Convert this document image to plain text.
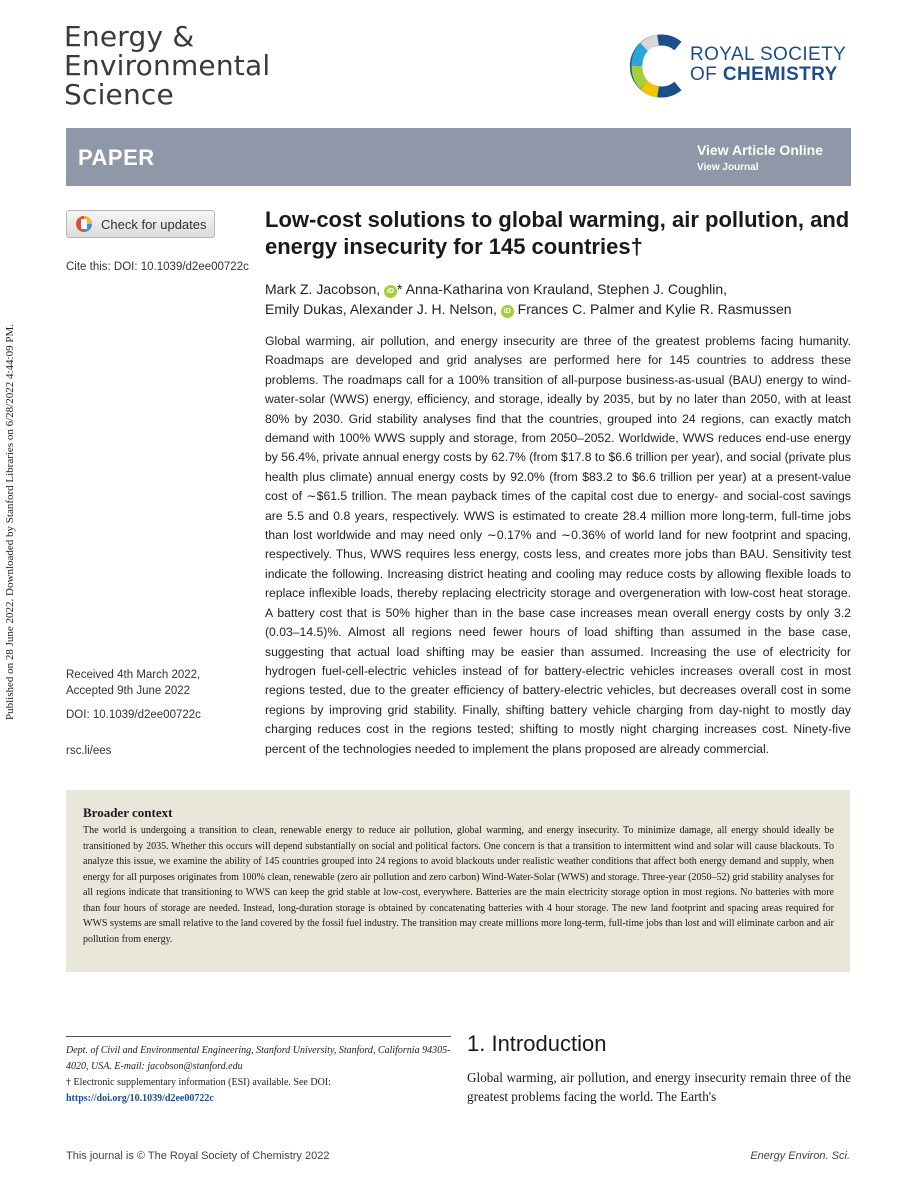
Published on 28 June 2022. Downloaded by Stanford Libraries on 6/28/2022 4:44:09 PM.
Energy &
Environmental
Science
ROYAL SOCIETY
OF CHEMISTRY
PAPER	View Article Online
View Journal
Check for updates
Cite this: DOI: 10.1039/d2ee00722c
Received 4th March 2022,
Accepted 9th June 2022
DOI: 10.1039/d2ee00722c
rsc.li/ees
Low-cost solutions to global warming, air pollution, and energy insecurity for 145 countries†
Mark Z. Jacobson, iD * Anna-Katharina von Krauland, Stephen J. Coughlin,
Emily Dukas, Alexander J. H. Nelson, iD Frances C. Palmer and Kylie R. Rasmussen
Global warming, air pollution, and energy insecurity are three of the greatest problems facing humanity. Roadmaps are developed and grid analyses are performed here for 145 countries to address these problems. The roadmaps call for a 100% transition of all-purpose business-as-usual (BAU) energy to wind-water-solar (WWS) energy, efficiency, and storage, ideally by 2035, but by no later than 2050, with at least 80% by 2030. Grid stability analyses find that the countries, grouped into 24 regions, can exactly match demand with 100% WWS supply and storage, from 2050–2052. Worldwide, WWS reduces end-use energy by 56.4%, private annual energy costs by 62.7% (from $17.8 to $6.6 trillion per year), and social (private plus health plus climate) annual energy costs by 92.0% (from $83.2 to $6.6 trillion per year) at a present-value cost of ∼$61.5 trillion. The mean payback times of the capital cost due to energy- and social-cost savings are 5.5 and 0.8 years, respectively. WWS is estimated to create 28.4 million more long-term, full-time jobs than lost worldwide and may need only ∼0.17% and ∼0.36% of world land for new footprint and spacing, respectively. Thus, WWS requires less energy, costs less, and creates more jobs than BAU. Sensitivity test indicate the following. Increasing district heating and cooling may reduce costs by allowing flexible loads to replace inflexible loads, thereby replacing electricity storage and overgeneration with low-cost heat storage. A battery cost that is 50% higher than in the base case increases mean overall energy costs by only 3.2 (0.03–14.5)%. Almost all regions need fewer hours of load shifting than assumed in the base case, suggesting that actual load shifting may be easier than assumed. Increasing the use of electricity for hydrogen fuel-cell-electric vehicles instead of for battery-electric vehicles increases overall cost in most regions tested, due to the greater efficiency of battery-electric vehicles, but decreases overall cost in some regions by improving grid stability. Finally, shifting battery vehicle charging from day-night to mostly day charging reduces cost in the regions tested; shifting to mostly night charging increases cost. Ninety-five percent of the technologies needed to implement the plans proposed are already commercial.
Broader context
The world is undergoing a transition to clean, renewable energy to reduce air pollution, global warming, and energy insecurity. To minimize damage, all energy should ideally be transitioned by 2035. Whether this occurs will depend substantially on social and political factors. One concern is that a transition to intermittent wind and solar will cause blackouts. To analyze this issue, we examine the ability of 145 countries grouped into 24 regions to avoid blackouts under realistic weather conditions that affect both energy demand and supply, when energy for all purposes originates from 100% clean, renewable (zero air pollution and zero carbon) Wind-Water-Solar (WWS) and storage. Three-year (2050–52) grid stability analyses for all regions indicate that transitioning to WWS can keep the grid stable at low-cost, everywhere. Batteries are the main electricity storage option in most regions. No batteries with more than four hours of storage are needed. Instead, long-duration storage is obtained by concatenating batteries with 4 hour storage. The new land footprint and spacing areas required for WWS systems are small relative to the land covered by the fossil fuel industry. The transition may create millions more long-term, full-time jobs than lost and will eliminate carbon and air pollution from energy.
Dept. of Civil and Environmental Engineering, Stanford University, Stanford, California 94305-4020, USA. E-mail: jacobson@stanford.edu
† Electronic supplementary information (ESI) available. See DOI: https://doi.org/10.1039/d2ee00722c
1. Introduction
Global warming, air pollution, and energy insecurity remain three of the greatest problems facing the world. The Earth's
This journal is © The Royal Society of Chemistry 2022	Energy Environ. Sci.
